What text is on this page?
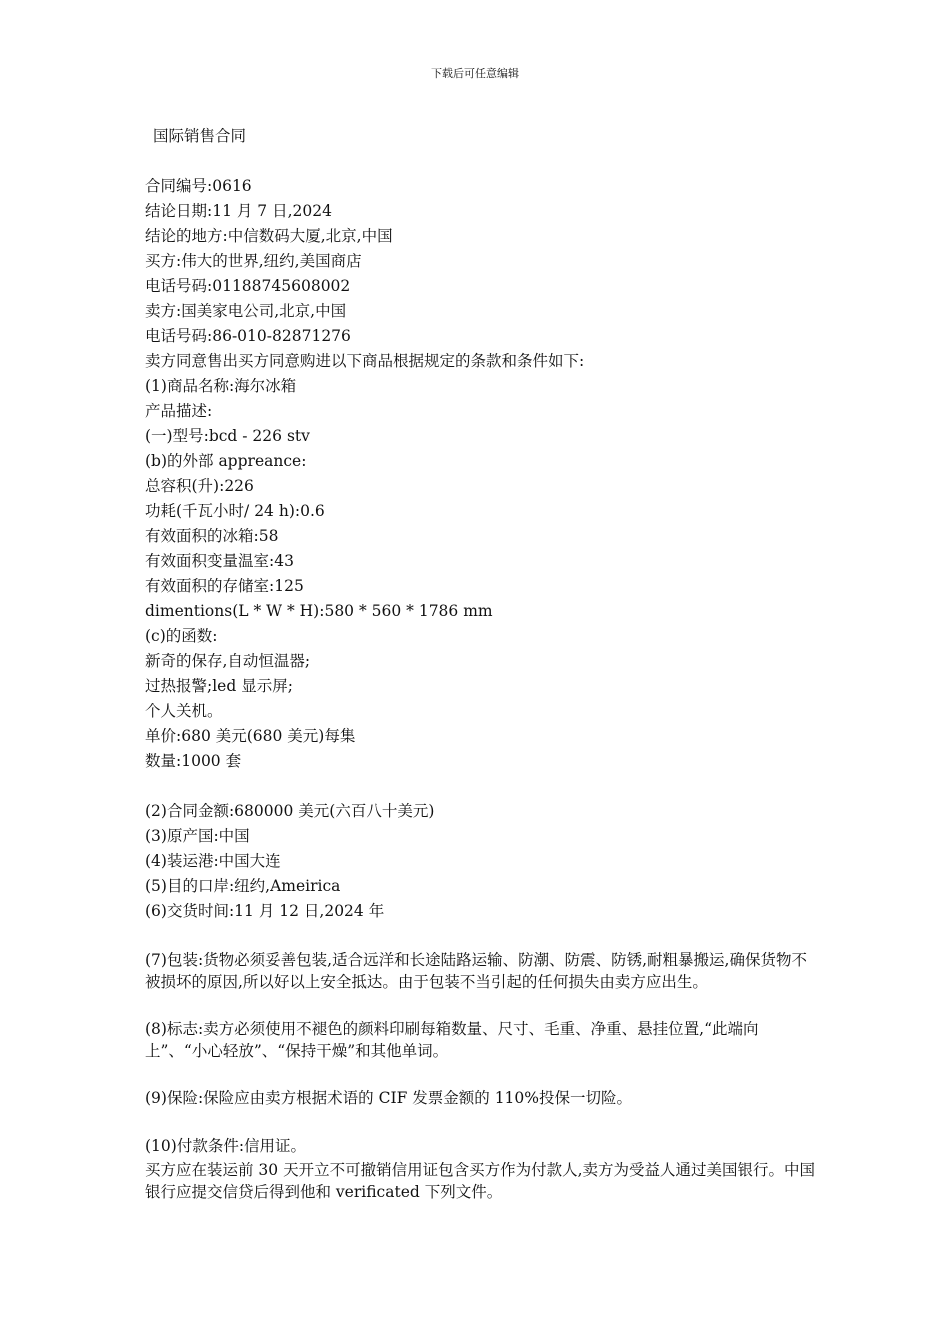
下载后可任意编辑
国际销售合同
合同编号:0616
结论日期:11 月 7 日,2024
结论的地方:中信数码大厦,北京,中国
买方:伟大的世界,纽约,美国商店
电话号码:01188745608002
卖方:国美家电公司,北京,中国
电话号码:86-010-82871276
卖方同意售出买方同意购进以下商品根据规定的条款和条件如下:
(1)商品名称:海尔冰箱
产品描述:
(一)型号:bcd - 226 stv
(b)的外部 appreance:
总容积(升):226
功耗(千瓦小时/ 24 h):0.6
有效面积的冰箱:58
有效面积变量温室:43
有效面积的存储室:125
dimentions(L * W * H):580 * 560 * 1786 mm
(c)的函数:
新奇的保存,自动恒温器;
过热报警;led 显示屏;
个人关机。
单价:680 美元(680 美元)每集
数量:1000 套
(2)合同金额:680000 美元(六百八十美元)
(3)原产国:中国
(4)装运港:中国大连
(5)目的口岸:纽约,Ameirica
(6)交货时间:11 月 12 日,2024 年
(7)包装:货物必须妥善包装,适合远洋和长途陆路运输、防潮、防震、防锈,耐粗暴搬运,确保货物不被损坏的原因,所以好以上安全抵达。由于包装不当引起的任何损失由卖方应出生。
(8)标志:卖方必须使用不褪色的颜料印刷每箱数量、尺寸、毛重、净重、悬挂位置,“此端向上”、“小心轻放”、“保持干燥”和其他单词。
(9)保险:保险应由卖方根据术语的 CIF 发票金额的 110%投保一切险。
(10)付款条件:信用证。
买方应在装运前 30 天开立不可撤销信用证包含买方作为付款人,卖方为受益人通过美国银行。中国银行应提交信贷后得到他和 verificated 下列文件。
